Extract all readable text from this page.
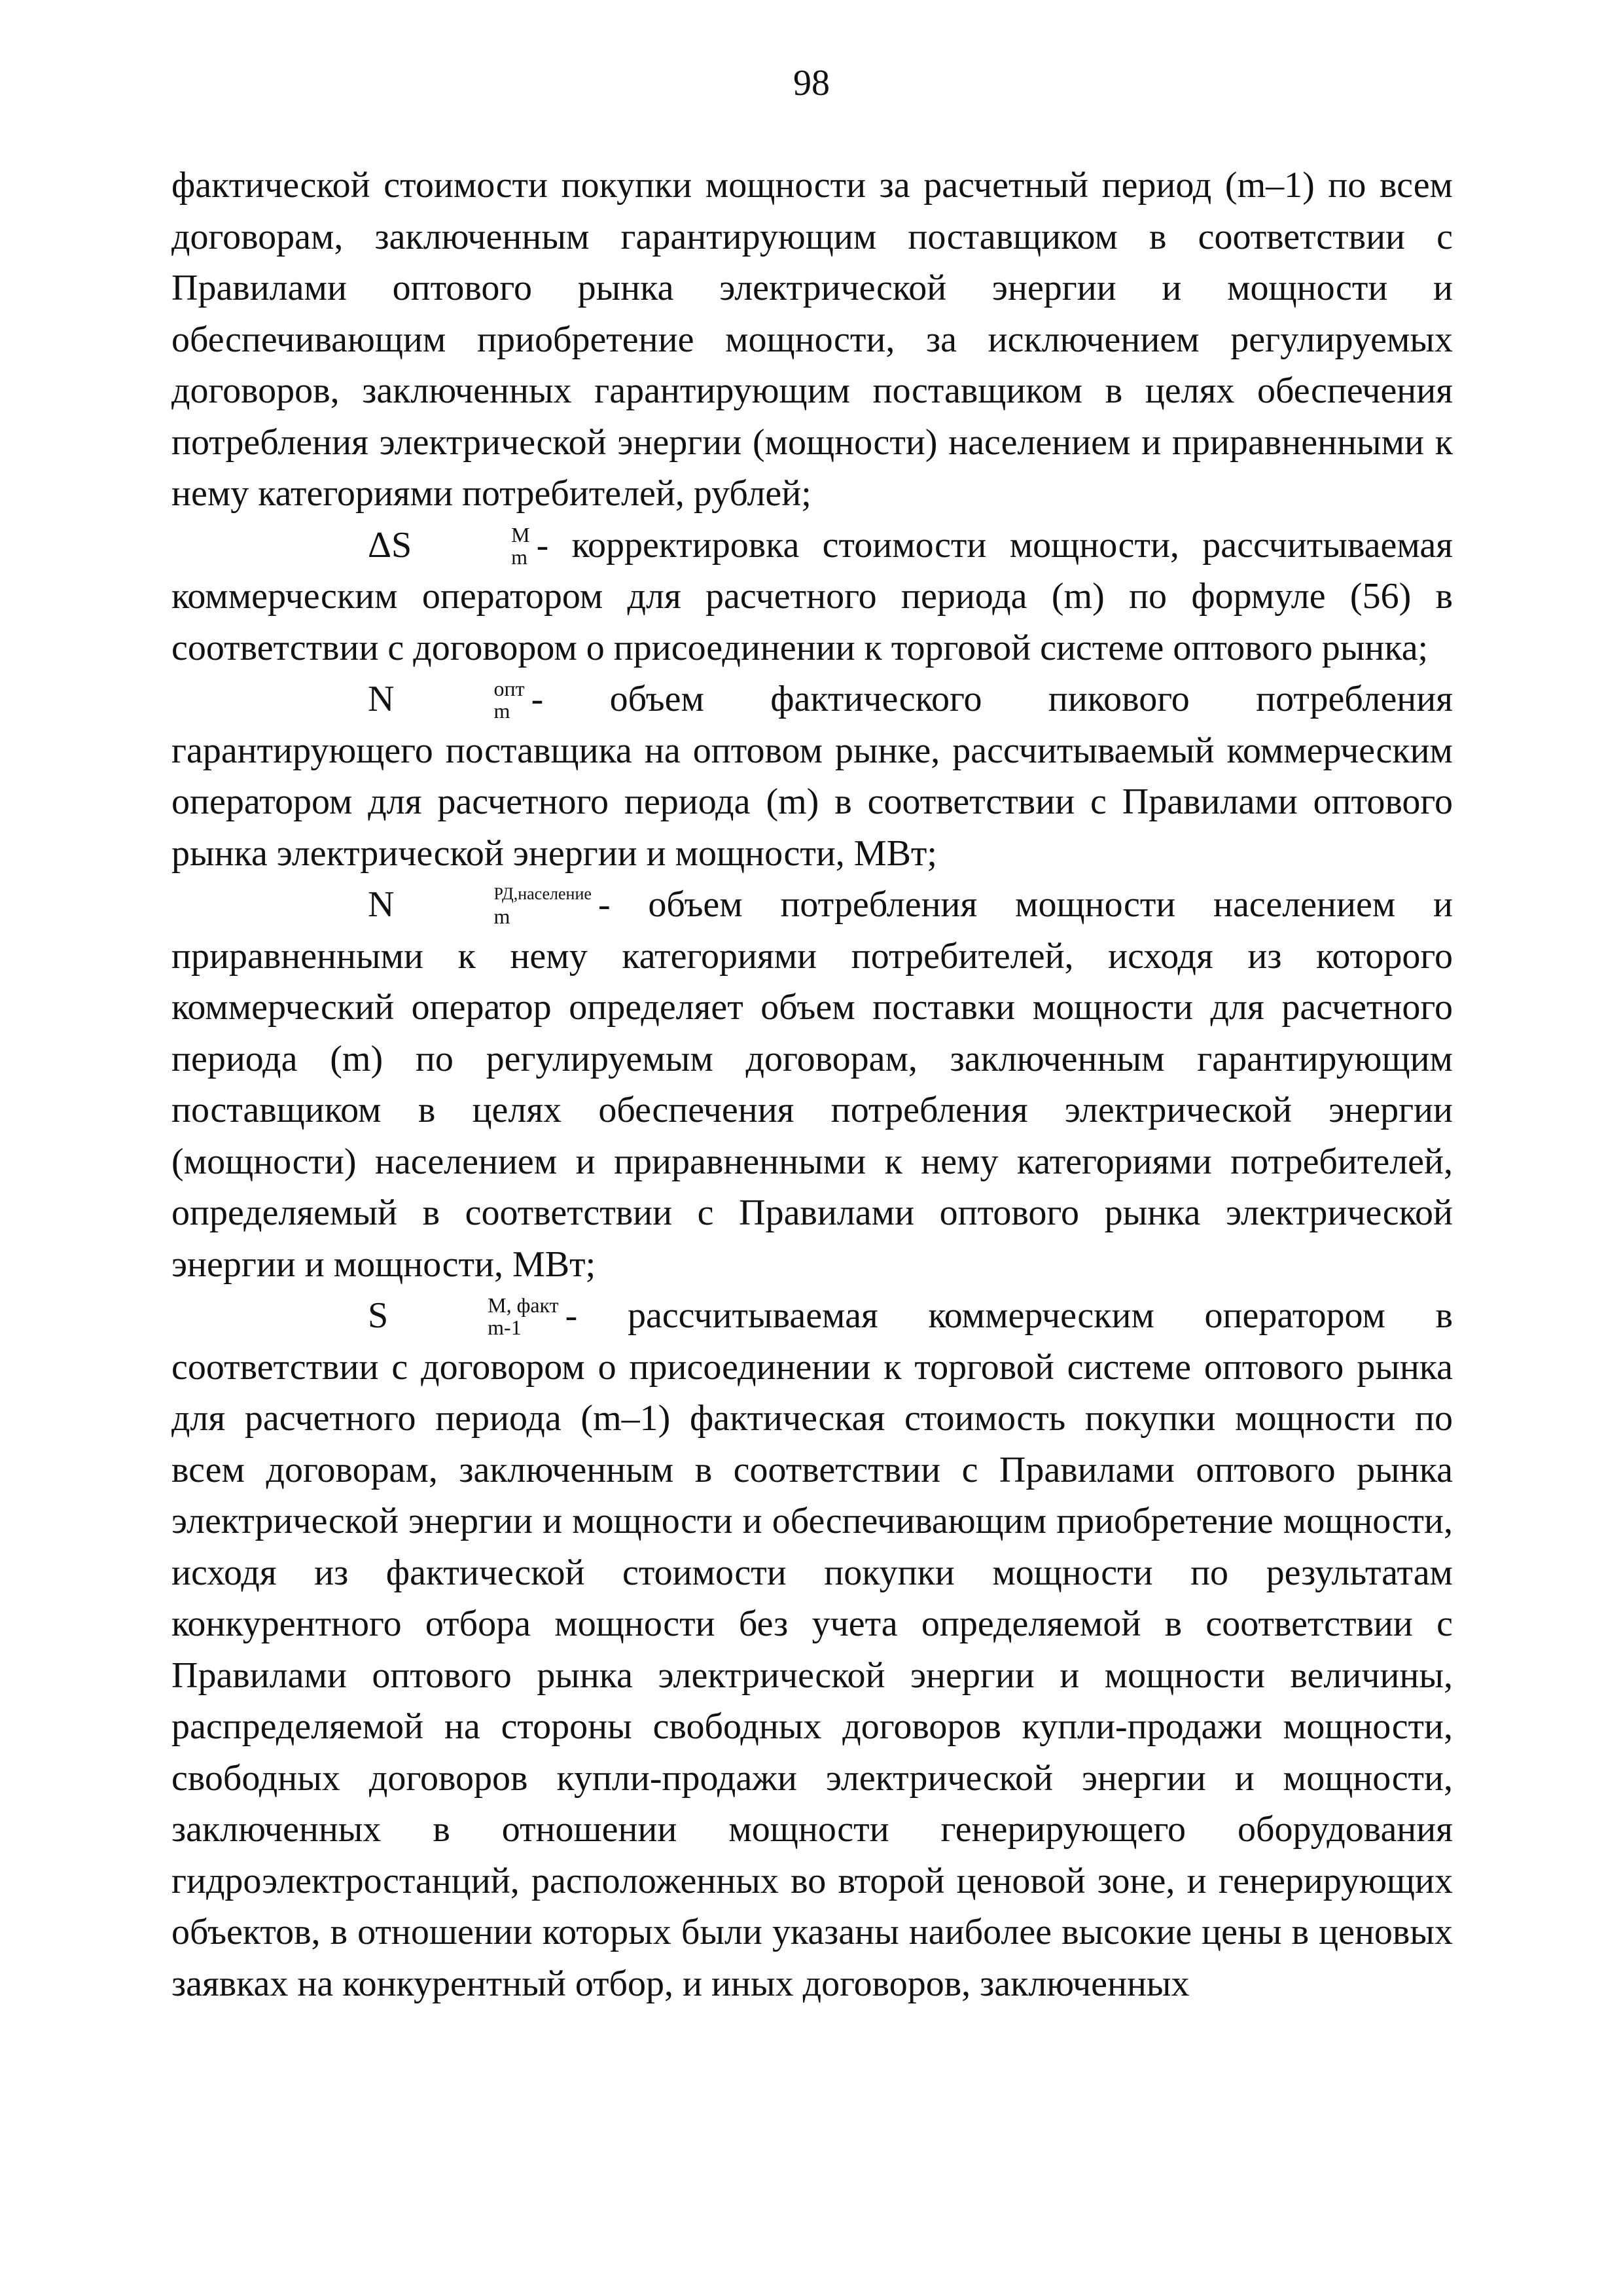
98

фактической стоимости покупки мощности за расчетный период (m–1) по всем договорам, заключенным гарантирующим поставщиком в соответствии с Правилами оптового рынка электрической энергии и мощности и обеспечивающим приобретение мощности, за исключением регулируемых договоров, заключенных гарантирующим поставщиком в целях обеспечения потребления электрической энергии (мощности) населением и приравненными к нему категориями потребителей, рублей;

ΔS	M
m - корректировка стоимости мощности, рассчитываемая коммерческим оператором для расчетного периода (m) по формуле (56) в соответствии с договором о присоединении к торговой системе оптового рынка;

N	опт
m - объем фактического пикового потребления гарантирующего поставщика на оптовом рынке, рассчитываемый коммерческим оператором для расчетного периода (m) в соответствии с Правилами оптового рынка электрической энергии и мощности, МВт;

N	РД,население
m	- объем потребления мощности населением и приравненными к нему категориями потребителей, исходя из которого коммерческий оператор определяет объем поставки мощности для расчетного периода (m) по регулируемым договорам, заключенным гарантирующим поставщиком в целях обеспечения потребления электрической энергии (мощности) населением и приравненными к нему категориями потребителей, определяемый в соответствии с Правилами оптового рынка электрической энергии и мощности, МВт;

S	М, факт
m-1	- рассчитываемая коммерческим оператором в соответствии с договором о присоединении к торговой системе оптового рынка для расчетного периода (m–1) фактическая стоимость покупки мощности по всем договорам, заключенным в соответствии с Правилами оптового рынка электрической энергии и мощности и обеспечивающим приобретение мощности, исходя из фактической стоимости покупки мощности по результатам конкурентного отбора мощности без учета определяемой в соответствии с Правилами оптового рынка электрической энергии и мощности величины, распределяемой на стороны свободных договоров купли-продажи мощности, свободных договоров купли-продажи электрической энергии и мощности, заключенных в отношении мощности генерирующего оборудования гидроэлектростанций, расположенных во второй ценовой зоне, и генерирующих объектов, в отношении которых были указаны наиболее высокие цены в ценовых заявках на конкурентный отбор, и иных договоров, заключенных
